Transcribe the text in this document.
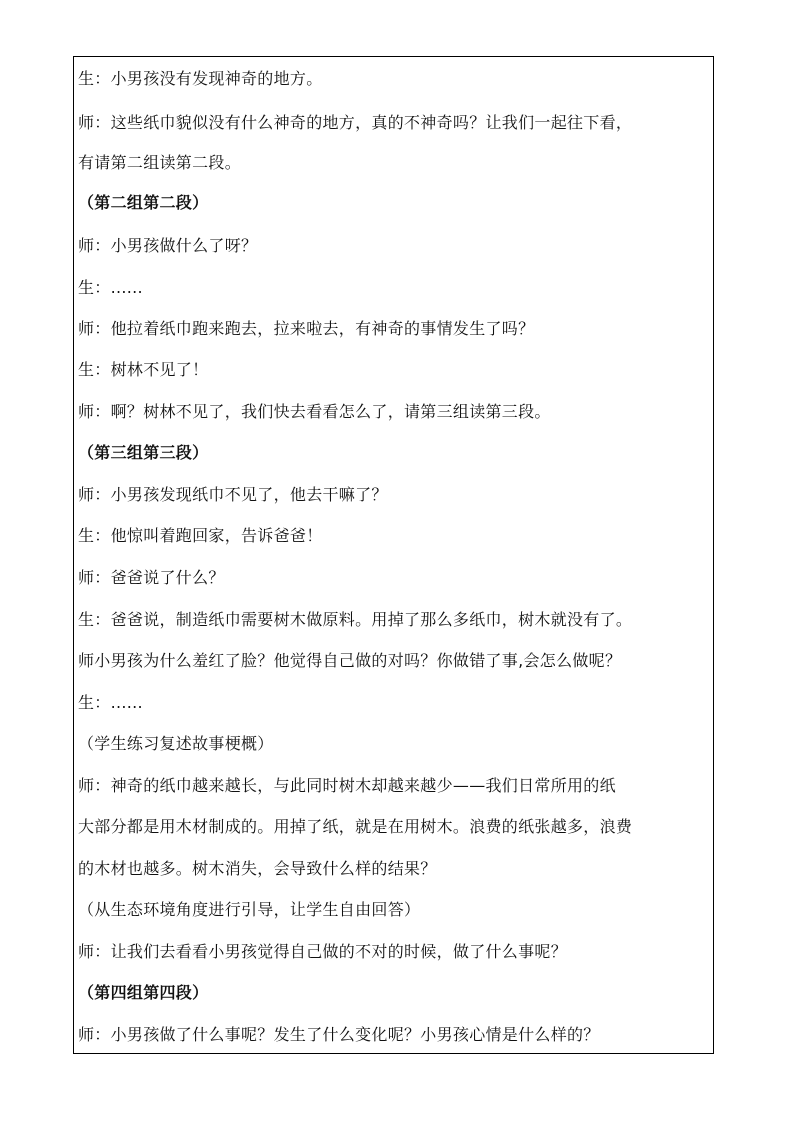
生：小男孩没有发现神奇的地方。
师：这些纸巾貌似没有什么神奇的地方，真的不神奇吗？让我们一起往下看，
有请第二组读第二段。
（第二组第二段）
师：小男孩做什么了呀？
生：......
师：他拉着纸巾跑来跑去，拉来啦去，有神奇的事情发生了吗？
生：树林不见了！
师：啊？树林不见了，我们快去看看怎么了，请第三组读第三段。
（第三组第三段）
师：小男孩发现纸巾不见了，他去干嘛了？
生：他惊叫着跑回家，告诉爸爸！
师：爸爸说了什么？
生：爸爸说，制造纸巾需要树木做原料。用掉了那么多纸巾，树木就没有了。
师小男孩为什么羞红了脸？他觉得自己做的对吗？你做错了事,会怎么做呢？
生：......
（学生练习复述故事梗概）
师：神奇的纸巾越来越长，与此同时树木却越来越少——我们日常所用的纸
大部分都是用木材制成的。用掉了纸，就是在用树木。浪费的纸张越多，浪费
的木材也越多。树木消失，会导致什么样的结果？
（从生态环境角度进行引导，让学生自由回答）
师：让我们去看看小男孩觉得自己做的不对的时候，做了什么事呢？
（第四组第四段）
师：小男孩做了什么事呢？发生了什么变化呢？小男孩心情是什么样的？
